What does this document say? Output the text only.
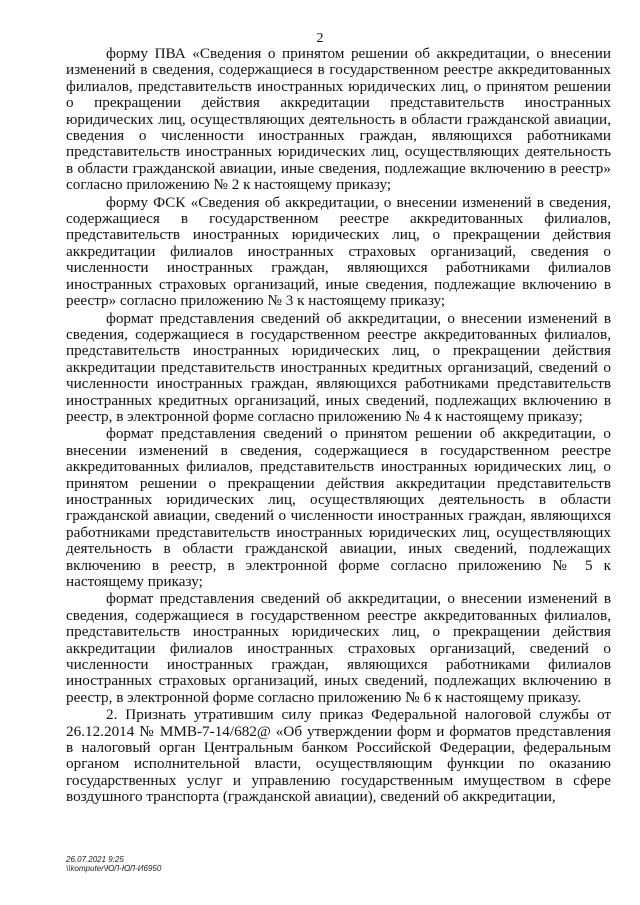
2

форму ПВА «Сведения о принятом решении об аккредитации, о внесении изменений в сведения, содержащиеся в государственном реестре аккредитованных филиалов, представительств иностранных юридических лиц, о принятом решении о прекращении действия аккредитации представительств иностранных юридических лиц, осуществляющих деятельность в области гражданской авиации, сведения о численности иностранных граждан, являющихся работниками представительств иностранных юридических лиц, осуществляющих деятельность в области гражданской авиации, иные сведения, подлежащие включению в реестр» согласно приложению № 2 к настоящему приказу;

форму ФСК «Сведения об аккредитации, о внесении изменений в сведения, содержащиеся в государственном реестре аккредитованных филиалов, представительств иностранных юридических лиц, о прекращении действия аккредитации филиалов иностранных страховых организаций, сведения о численности иностранных граждан, являющихся работниками филиалов иностранных страховых организаций, иные сведения, подлежащие включению в реестр» согласно приложению № 3 к настоящему приказу;

формат представления сведений об аккредитации, о внесении изменений в сведения, содержащиеся в государственном реестре аккредитованных филиалов, представительств иностранных юридических лиц, о прекращении действия аккредитации представительств иностранных кредитных организаций, сведений о численности иностранных граждан, являющихся работниками представительств иностранных кредитных организаций, иных сведений, подлежащих включению в реестр, в электронной форме согласно приложению № 4 к настоящему приказу;

формат представления сведений о принятом решении об аккредитации, о внесении изменений в сведения, содержащиеся в государственном реестре аккредитованных филиалов, представительств иностранных юридических лиц, о принятом решении о прекращении действия аккредитации представительств иностранных юридических лиц, осуществляющих деятельность в области гражданской авиации, сведений о численности иностранных граждан, являющихся работниками представительств иностранных юридических лиц, осуществляющих деятельность в области гражданской авиации, иных сведений, подлежащих включению в реестр, в электронной форме согласно приложению № 5 к настоящему приказу;

формат представления сведений об аккредитации, о внесении изменений в сведения, содержащиеся в государственном реестре аккредитованных филиалов, представительств иностранных юридических лиц, о прекращении действия аккредитации филиалов иностранных страховых организаций, сведений о численности иностранных граждан, являющихся работниками филиалов иностранных страховых организаций, иных сведений, подлежащих включению в реестр, в электронной форме согласно приложению № 6 к настоящему приказу.

2. Признать утратившим силу приказ Федеральной налоговой службы от 26.12.2014 № ММВ-7-14/682@ «Об утверждении форм и форматов представления в налоговый орган Центральным банком Российской Федерации, федеральным органом исполнительной власти, осуществляющим функции по оказанию государственных услуг и управлению государственным имуществом в сфере воздушного транспорта (гражданской авиации), сведений об аккредитации,

26.07.2021 9:25
\\komputer\ЮЛ-ЮЛ-И6950
